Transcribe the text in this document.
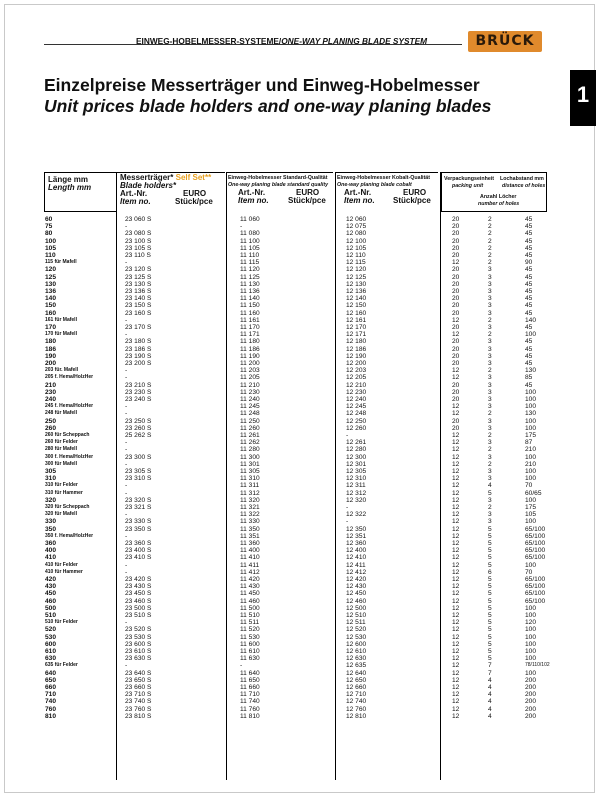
EINWEG-HOBELMESSER-SYSTEME/ONE-WAY PLANING BLADE SYSTEM	BRÜCK
1
Einzelpreise Messerträger und Einweg-Hobelmesser
Unit prices blade holders and one-way planing blades
Länge mm
Length mm
Messerträger* Self Set**
Blade holders*
Art.-Nr.	EURO
Item no.	Stück/pce
Einweg-Hobelmesser Standard-Qualität
One-way planing blade standard quality
Art.-Nr.	EURO
Item no. Stück/pce
Einweg-Hobelmesser Kobalt-Qualität
One-way planing blade cobalt
Art.-Nr.	EURO
Item no. Stück/pce
Verpackungseinheit Lochabstand mm
packing unit	distance of holes
Anzahl Löcher
number of holes
60	23 060 S	11 060	12 060	20	2	45
75	-	-	12 075	20	2	45
80	23 080 S	11 080	12 080	20	2	45
100	23 100 S	11 100	12 100	20	2	45
105	23 105 S	11 105	12 105	20	2	45
110	23 110 S	11 110	12 110	20	2	45
115 für Mafell	-	11 115	12 115	12	2	90
120	23 120 S	11 120	12 120	20	3	45
125	23 125 S	11 125	12 125	20	3	45
130	23 130 S	11 130	12 130	20	3	45
136	23 136 S	11 136	12 136	20	3	45
140	23 140 S	11 140	12 140	20	3	45
150	23 150 S	11 150	12 150	20	3	45
160	23 160 S	11 160	12 160	20	3	45
161 für Mafell	-	11 161	12 161	12	2	140
170	23 170 S	11 170	12 170	20	3	45
170 für Mafell	-	11 171	12 171	12	2	100
180	23 180 S	11 180	12 180	20	3	45
186	23 186 S	11 186	12 186	20	3	45
190	23 190 S	11 190	12 190	20	3	45
200	23 200 S	11 200	12 200	20	3	45
203 für. Mafell	-	11 203	12 203	12	2	130
205 f. Hema/HolzHer	-	11 205	12 205	12	3	85
210	23 210 S	11 210	12 210	20	3	45
230	23 230 S	11 230	12 230	20	3	100
240	23 240 S	11 240	12 240	20	3	100
245 f. Hema/HolzHer	-	11 245	12 245	12	3	100
248 für Mafell	-	11 248	12 248	12	2	130
250	23 250 S	11 250	12 250	20	3	100
260	23 260 S	11 260	12 260	20	3	100
260 für Scheppach	25 262 S	11 261	-	12	2	175
260 für Felder	-	11 262	12 261	12	3	87
280 für Mafell	-	11 280	12 280	12	2	210
300 f. Hema/HolzHer	23 300 S	11 300	12 300	12	3	100
300 für Mafell	-	11 301	12 301	12	2	210
305	23 305 S	11 305	12 305	12	3	100
310	23 310 S	11 310	12 310	12	3	100
310 für Felder	-	11 311	12 311	12	4	70
310 für Hammer	-	11 312	12 312	12	5	60/65
320	23 320 S	11 320	12 320	12	3	100
320 für Scheppach	23 321 S	11 321	-	12	2	175
320 für Mafell	-	11 322	12 322	12	3	105
330	23 330 S	11 330	-	12	3	100
350	23 350 S	11 350	12 350	12	5	65/100
350 f. Hema/HolzHer	-	11 351	12 351	12	5	65/100
360	23 360 S	11 360	12 360	12	5	65/100
400	23 400 S	11 400	12 400	12	5	65/100
410	23 410 S	11 410	12 410	12	5	65/100
410 für Felder	-	11 411	12 411	12	5	100
410 für Hammer	-	11 412	12 412	12	6	70
420	23 420 S	11 420	12 420	12	5	65/100
430	23 430 S	11 430	12 430	12	5	65/100
450	23 450 S	11 450	12 450	12	5	65/100
460	23 460 S	11 460	12 460	12	5	65/100
500	23 500 S	11 500	12 500	12	5	100
510	23 510 S	11 510	12 510	12	5	100
510 für Felder	-	11 511	12 511	12	5	120
520	23 520 S	11 520	12 520	12	5	100
530	23 530 S	11 530	12 530	12	5	100
600	23 600 S	11 600	12 600	12	5	100
610	23 610 S	11 610	12 610	12	5	100
630	23 630 S	11 630	12 630	12	5	100
635 für Felder	-	-	12 635	12	7	78/110/102
640	23 640 S	11 640	12 640	12	7	100
650	23 650 S	11 650	12 650	12	4	200
660	23 660 S	11 660	12 660	12	4	200
710	23 710 S	11 710	12 710	12	4	200
740	23 740 S	11 740	12 740	12	4	200
760	23 760 S	11 760	12 760	12	4	200
810	23 810 S	11 810	12 810	12	4	200
